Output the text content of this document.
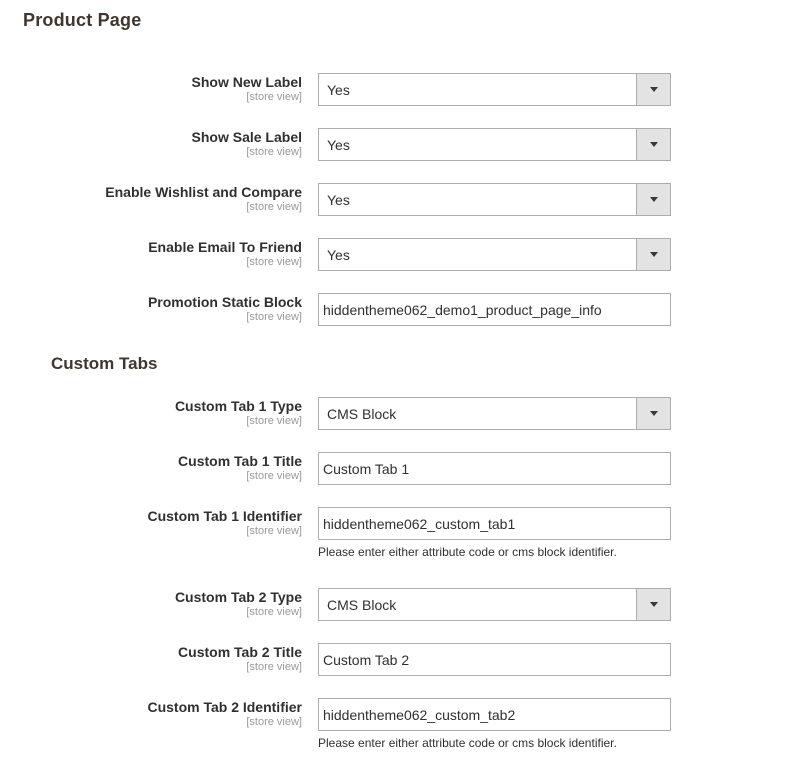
Product Page
Show New Label
[store view] Yes
Show Sale Label
[store view] Yes
Enable Wishlist and Compare
[store view] Yes
Enable Email To Friend
[store view] Yes
Promotion Static Block
[store view] hiddentheme062_demo1_product_page_info
Custom Tabs
Custom Tab 1 Type
[store view] CMS Block
Custom Tab 1 Title
[store view] Custom Tab 1
Custom Tab 1 Identifier
[store view] hiddentheme062_custom_tab1
Please enter either attribute code or cms block identifier.
Custom Tab 2 Type
[store view] CMS Block
Custom Tab 2 Title
[store view] Custom Tab 2
Custom Tab 2 Identifier
[store view] hiddentheme062_custom_tab2
Please enter either attribute code or cms block identifier.
